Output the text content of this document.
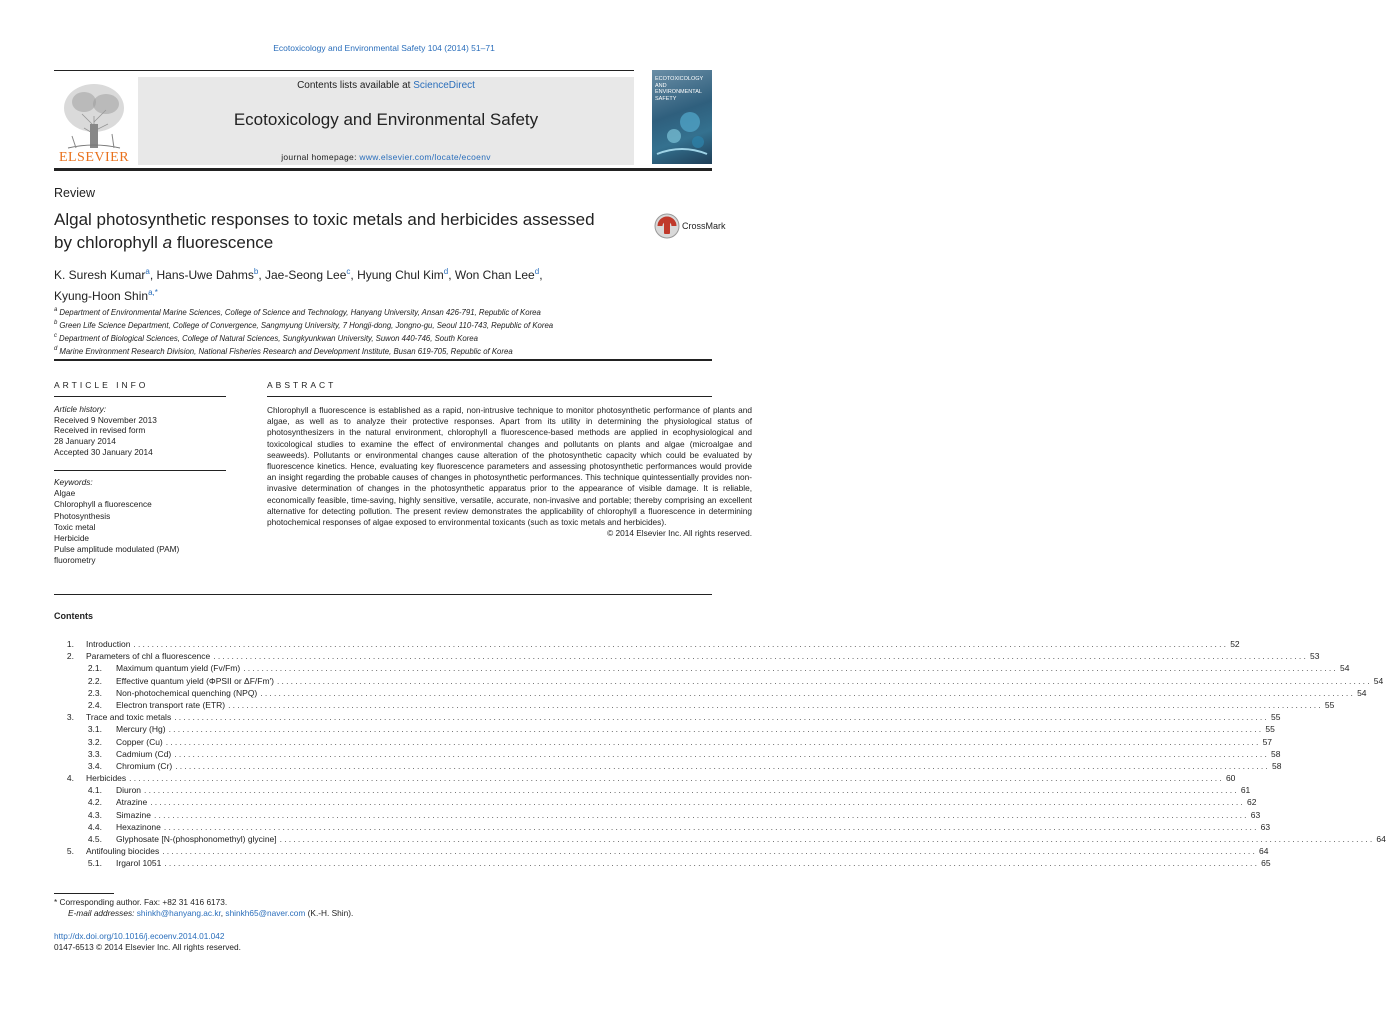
Ecotoxicology and Environmental Safety 104 (2014) 51–71
ELSEVIER
Contents lists available at ScienceDirect
Ecotoxicology and Environmental Safety
journal homepage: www.elsevier.com/locate/ecoenv
ECOTOXICOLOGY AND ENVIRONMENTAL SAFETY
Review
Algal photosynthetic responses to toxic metals and herbicides assessed
by chlorophyll a fluorescence
CrossMark
K. Suresh Kumar$^a$, Hans-Uwe Dahms$^b$, Jae-Seong Lee$^c$, Hyung Chul Kim$^d$, Won Chan Lee$^d$,
Kyung-Hoon Shin$^{a,*}$
$^a$ Department of Environmental Marine Sciences, College of Science and Technology, Hanyang University, Ansan 426-791, Republic of Korea
$^b$ Green Life Science Department, College of Convergence, Sangmyung University, 7 Hongji-dong, Jongno-gu, Seoul 110-743, Republic of Korea
$^c$ Department of Biological Sciences, College of Natural Sciences, Sungkyunkwan University, Suwon 440-746, South Korea
$^d$ Marine Environment Research Division, National Fisheries Research and Development Institute, Busan 619-705, Republic of Korea
ARTICLE INFO	ABSTRACT
Article history:
Received 9 November 2013
Received in revised form
28 January 2014
Accepted 30 January 2014
Keywords:
Algae
Chlorophyll a fluorescence
Photosynthesis
Toxic metal
Herbicide
Pulse amplitude modulated (PAM)
fluorometry
Chlorophyll a fluorescence is established as a rapid, non-intrusive technique to monitor photosynthetic performance of plants and algae, as well as to analyze their protective responses. Apart from its utility in determining the physiological status of photosynthesizers in the natural environment, chlorophyll a fluorescence-based methods are applied in ecophysiological and toxicological studies to examine the effect of environmental changes and pollutants on plants and algae (microalgae and seaweeds). Pollutants or environmental changes cause alteration of the photosynthetic capacity which could be evaluated by fluorescence kinetics. Hence, evaluating key fluorescence parameters and assessing photosynthetic performances would provide an insight regarding the probable causes of changes in photosynthetic performances. This technique quintessentially provides non-invasive determination of changes in the photosynthetic apparatus prior to the appearance of visible damage. It is reliable, economically feasible, time-saving, highly sensitive, versatile, accurate, non-invasive and portable; thereby comprising an excellent alternative for detecting pollution. The present review demonstrates the applicability of chlorophyll a fluorescence in determining photochemical responses of algae exposed to environmental toxicants (such as toxic metals and herbicides).
© 2014 Elsevier Inc. All rights reserved.
Contents
1. Introduction ................................................................................................................................................................................................................................................ 52
2. Parameters of chl a fluorescence ................................................................................................................................................................................................................................................ 53
2.1. Maximum quantum yield (Fv/Fm) ................................................................................................................................................................................................................................................ 54
2.2. Effective quantum yield (ΦPSII or ΔF/Fm′) ................................................................................................................................................................................................................................................ 54
2.3. Non-photochemical quenching (NPQ) ................................................................................................................................................................................................................................................ 54
2.4. Electron transport rate (ETR) ................................................................................................................................................................................................................................................ 55
3. Trace and toxic metals ................................................................................................................................................................................................................................................ 55
3.1. Mercury (Hg) ................................................................................................................................................................................................................................................ 55
3.2. Copper (Cu) ................................................................................................................................................................................................................................................ 57
3.3. Cadmium (Cd) ................................................................................................................................................................................................................................................ 58
3.4. Chromium (Cr) ................................................................................................................................................................................................................................................ 58
4. Herbicides ................................................................................................................................................................................................................................................ 60
4.1. Diuron ................................................................................................................................................................................................................................................ 61
4.2. Atrazine ................................................................................................................................................................................................................................................ 62
4.3. Simazine ................................................................................................................................................................................................................................................ 63
4.4. Hexazinone ................................................................................................................................................................................................................................................ 63
4.5. Glyphosate [N-(phosphonomethyl) glycine] ................................................................................................................................................................................................................................................ 64
5. Antifouling biocides ................................................................................................................................................................................................................................................ 64
5.1. Irgarol 1051 ................................................................................................................................................................................................................................................ 65
* Corresponding author. Fax: +82 31 416 6173.
E-mail addresses: shinkh@hanyang.ac.kr, shinkh65@naver.com (K.-H. Shin).
http://dx.doi.org/10.1016/j.ecoenv.2014.01.042
0147-6513 © 2014 Elsevier Inc. All rights reserved.
